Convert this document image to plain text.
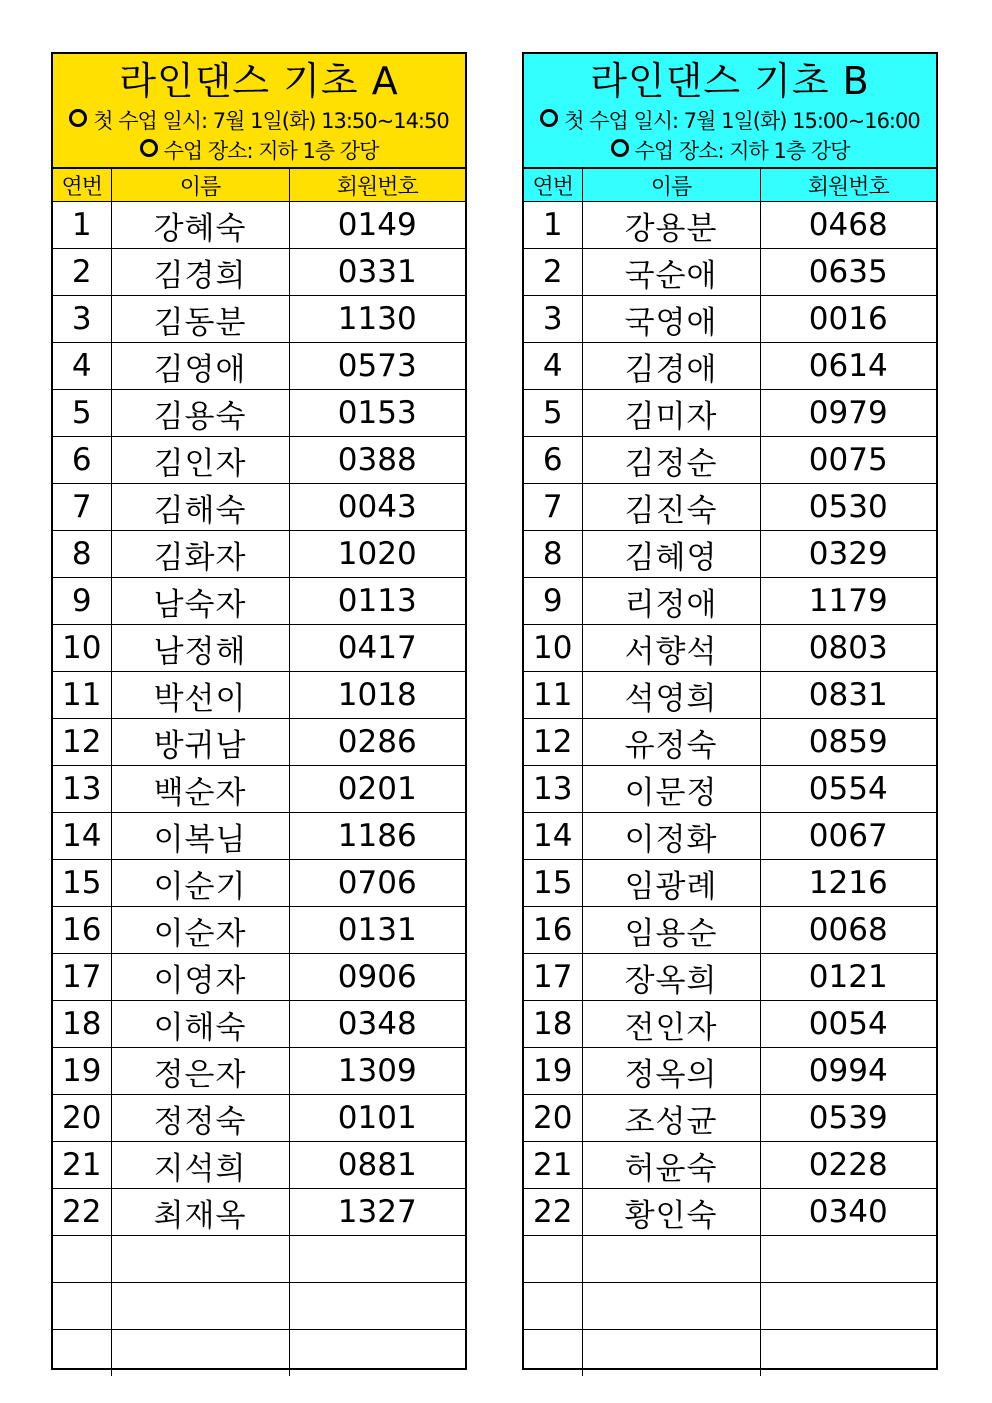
라인댄스 기초 A
첫 수업 일시: 7월 1일(화) 13:50~14:50
수업 장소: 지하 1층 강당
연번	이름	회원번호
1	강혜숙	0149
2	김경희	0331
3	김동분	1130
4	김영애	0573
5	김용숙	0153
6	김인자	0388
7	김해숙	0043
8	김화자	1020
9	남숙자	0113
10	남정해	0417
11	박선이	1018
12	방귀남	0286
13	백순자	0201
14	이복님	1186
15	이순기	0706
16	이순자	0131
17	이영자	0906
18	이해숙	0348
19	정은자	1309
20	정정숙	0101
21	지석희	0881
22	최재옥	1327

라인댄스 기초 B
첫 수업 일시: 7월 1일(화) 15:00~16:00
수업 장소: 지하 1층 강당
연번	이름	회원번호
1	강용분	0468
2	국순애	0635
3	국영애	0016
4	김경애	0614
5	김미자	0979
6	김정순	0075
7	김진숙	0530
8	김혜영	0329
9	리정애	1179
10	서향석	0803
11	석영희	0831
12	유정숙	0859
13	이문정	0554
14	이정화	0067
15	임광례	1216
16	임용순	0068
17	장옥희	0121
18	전인자	0054
19	정옥의	0994
20	조성균	0539
21	허윤숙	0228
22	황인숙	0340
